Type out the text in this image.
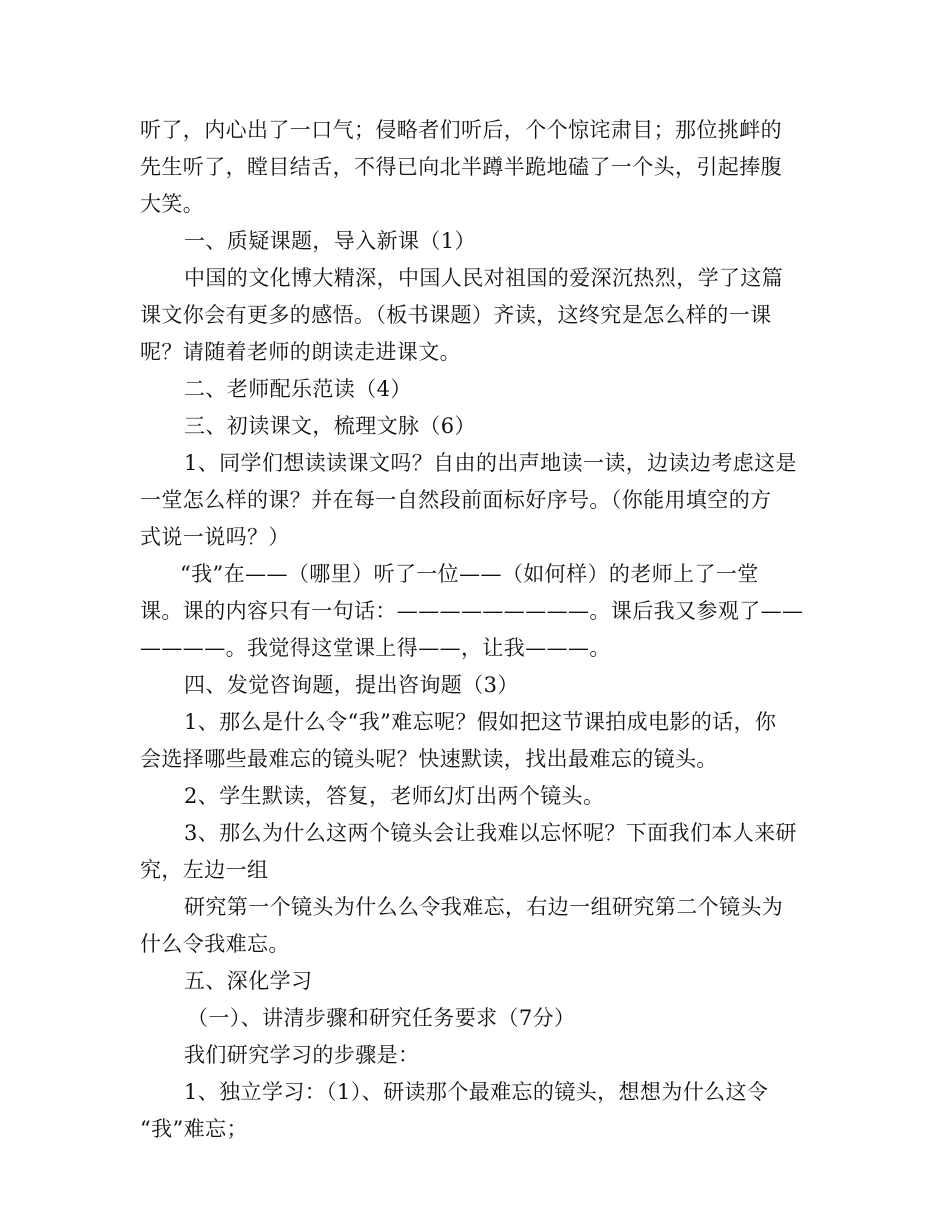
听了，内心出了一口气；侵略者们听后，个个惊诧肃目；那位挑衅的
先生听了，瞠目结舌，不得已向北半蹲半跪地磕了一个头，引起捧腹
大笑。
一、质疑课题，导入新课（1）
中国的文化博大精深，中国人民对祖国的爱深沉热烈，学了这篇
课文你会有更多的感悟。（板书课题）齐读，这终究是怎么样的一课
呢？请随着老师的朗读走进课文。
二、老师配乐范读（4）
三、初读课文，梳理文脉（6）
1、同学们想读读课文吗？自由的出声地读一读，边读边考虑这是
一堂怎么样的课？并在每一自然段前面标好序号。（你能用填空的方
式说一说吗？）
“我”在——（哪里）听了一位——（如何样）的老师上了一堂
课。课的内容只有一句话：—————————。课后我又参观了——
————。我觉得这堂课上得——，让我———。
四、发觉咨询题，提出咨询题（3）
1、那么是什么令“我”难忘呢？假如把这节课拍成电影的话，你
会选择哪些最难忘的镜头呢？快速默读，找出最难忘的镜头。
2、学生默读，答复，老师幻灯出两个镜头。
3、那么为什么这两个镜头会让我难以忘怀呢？下面我们本人来研
究，左边一组
研究第一个镜头为什么么令我难忘，右边一组研究第二个镜头为
什么令我难忘。
五、深化学习
（一）、讲清步骤和研究任务要求（7分）
我们研究学习的步骤是：
1、独立学习：（1）、研读那个最难忘的镜头，想想为什么这令
“我”难忘；
